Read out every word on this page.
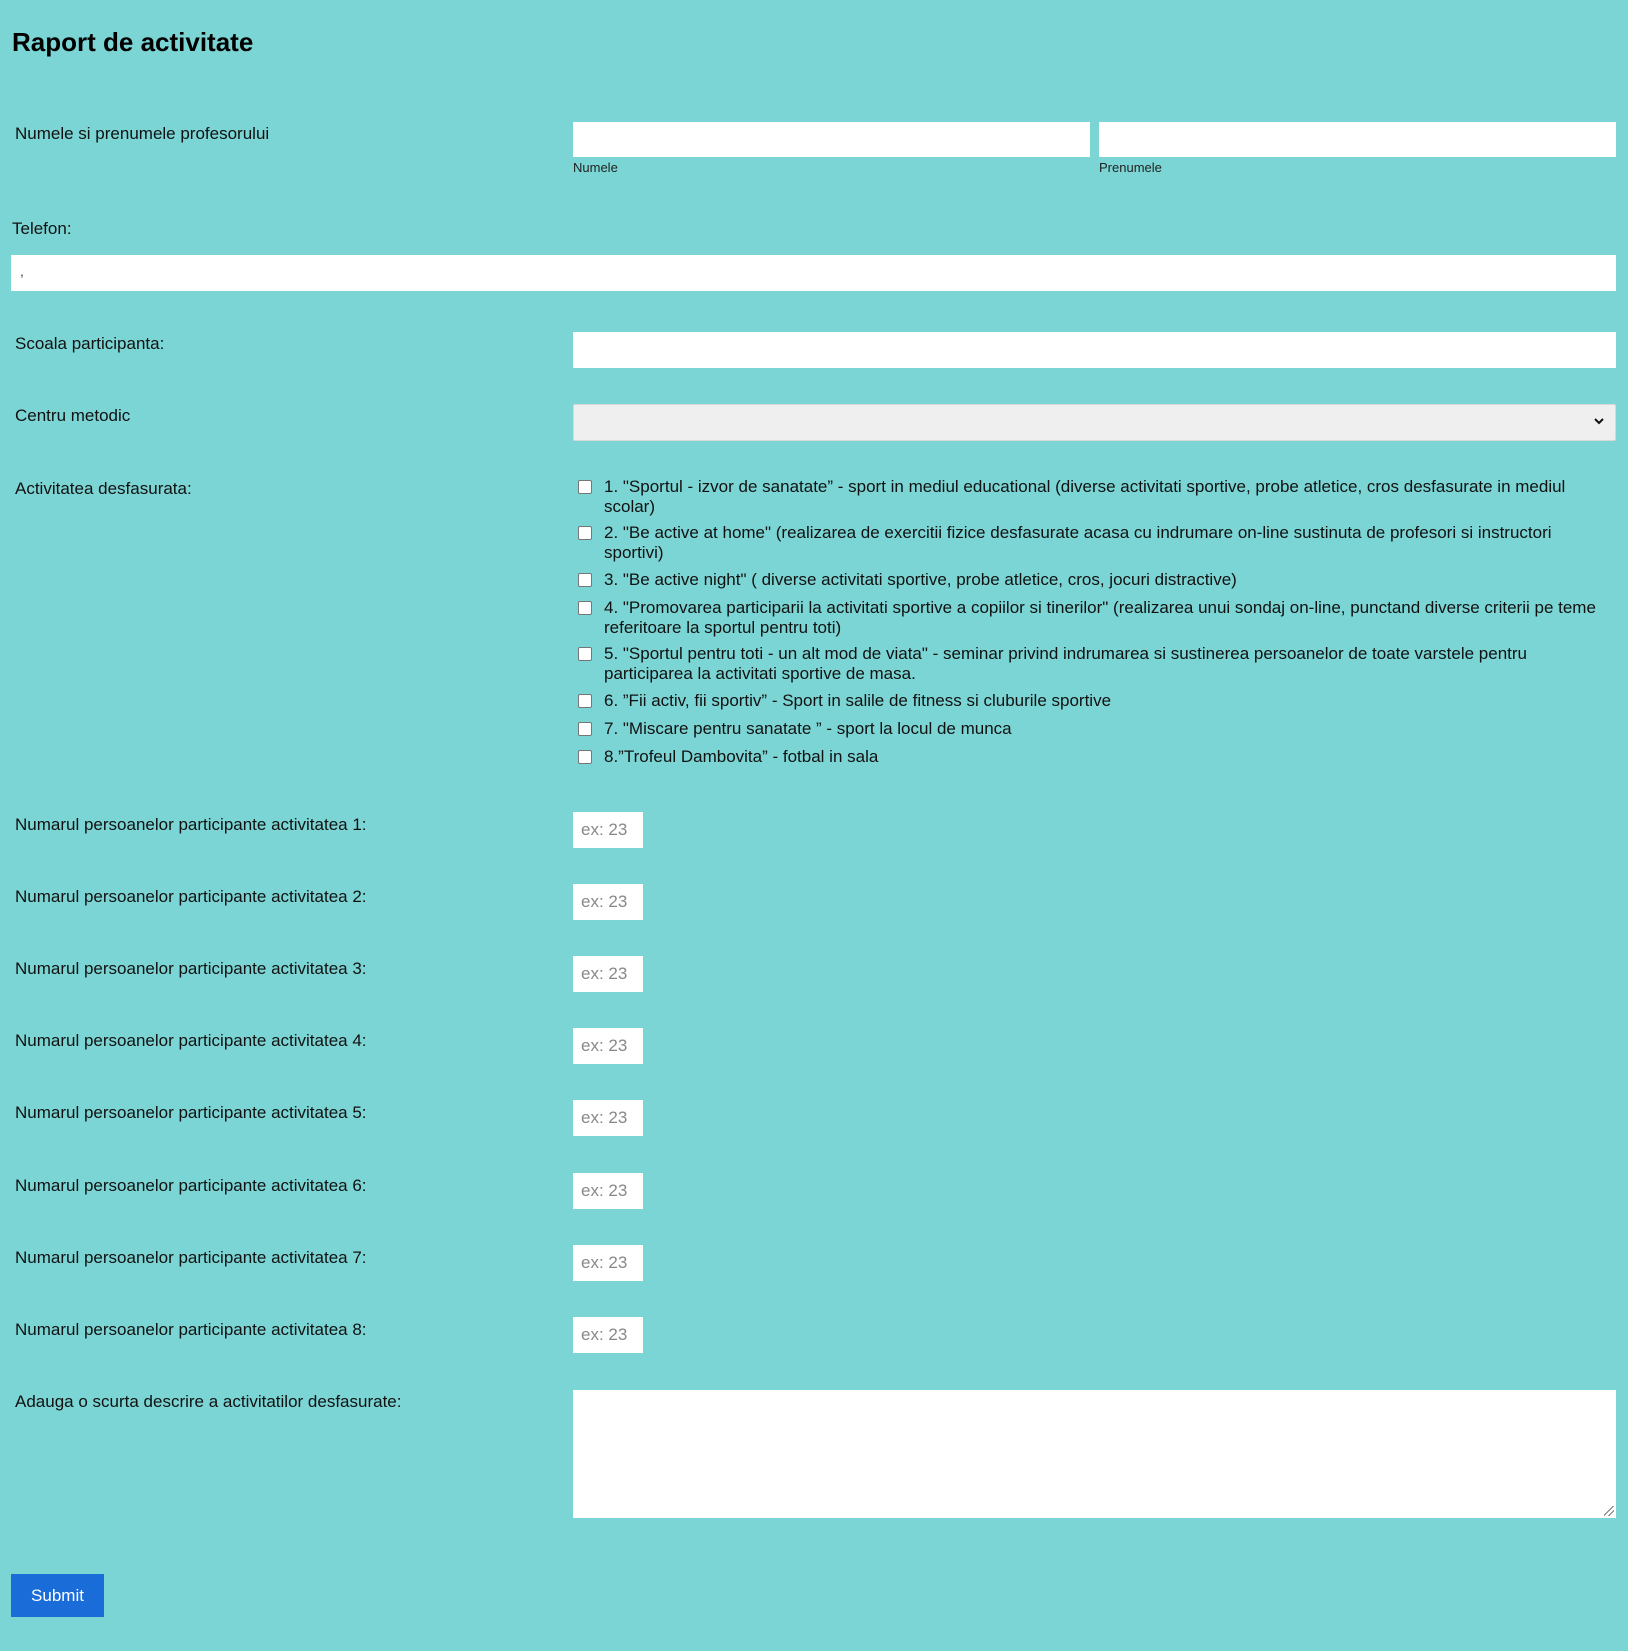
Raport de activitate
Numele si prenumele profesorului
Numele	Prenumele
Telefon:
,
Scoala participanta:
Centru metodic
Activitatea desfasurata:	1. "Sportul - izvor de sanatate” - sport in mediul educational (diverse activitati sportive, probe atletice, cros desfasurate in mediul scolar)
2. "Be active at home" (realizarea de exercitii fizice desfasurate acasa cu indrumare on-line sustinuta de profesori si instructori sportivi)
3. "Be active night" ( diverse activitati sportive, probe atletice, cros, jocuri distractive)
4. "Promovarea participarii la activitati sportive a copiilor si tinerilor" (realizarea unui sondaj on-line, punctand diverse criterii pe teme referitoare la sportul pentru toti)
5. "Sportul pentru toti - un alt mod de viata" - seminar privind indrumarea si sustinerea persoanelor de toate varstele pentru participarea la activitati sportive de masa.
6. ”Fii activ, fii sportiv” - Sport in salile de fitness si cluburile sportive
7. "Miscare pentru sanatate ” - sport la locul de munca
8.”Trofeul Dambovita” - fotbal in sala
Numarul persoanelor participante activitatea 1:
ex: 23
Numarul persoanelor participante activitatea 2:
ex: 23
Numarul persoanelor participante activitatea 3:
ex: 23
Numarul persoanelor participante activitatea 4:
ex: 23
Numarul persoanelor participante activitatea 5:
ex: 23
Numarul persoanelor participante activitatea 6:
ex: 23
Numarul persoanelor participante activitatea 7:
ex: 23
Numarul persoanelor participante activitatea 8:
ex: 23
Adauga o scurta descrire a activitatilor desfasurate:
Submit
